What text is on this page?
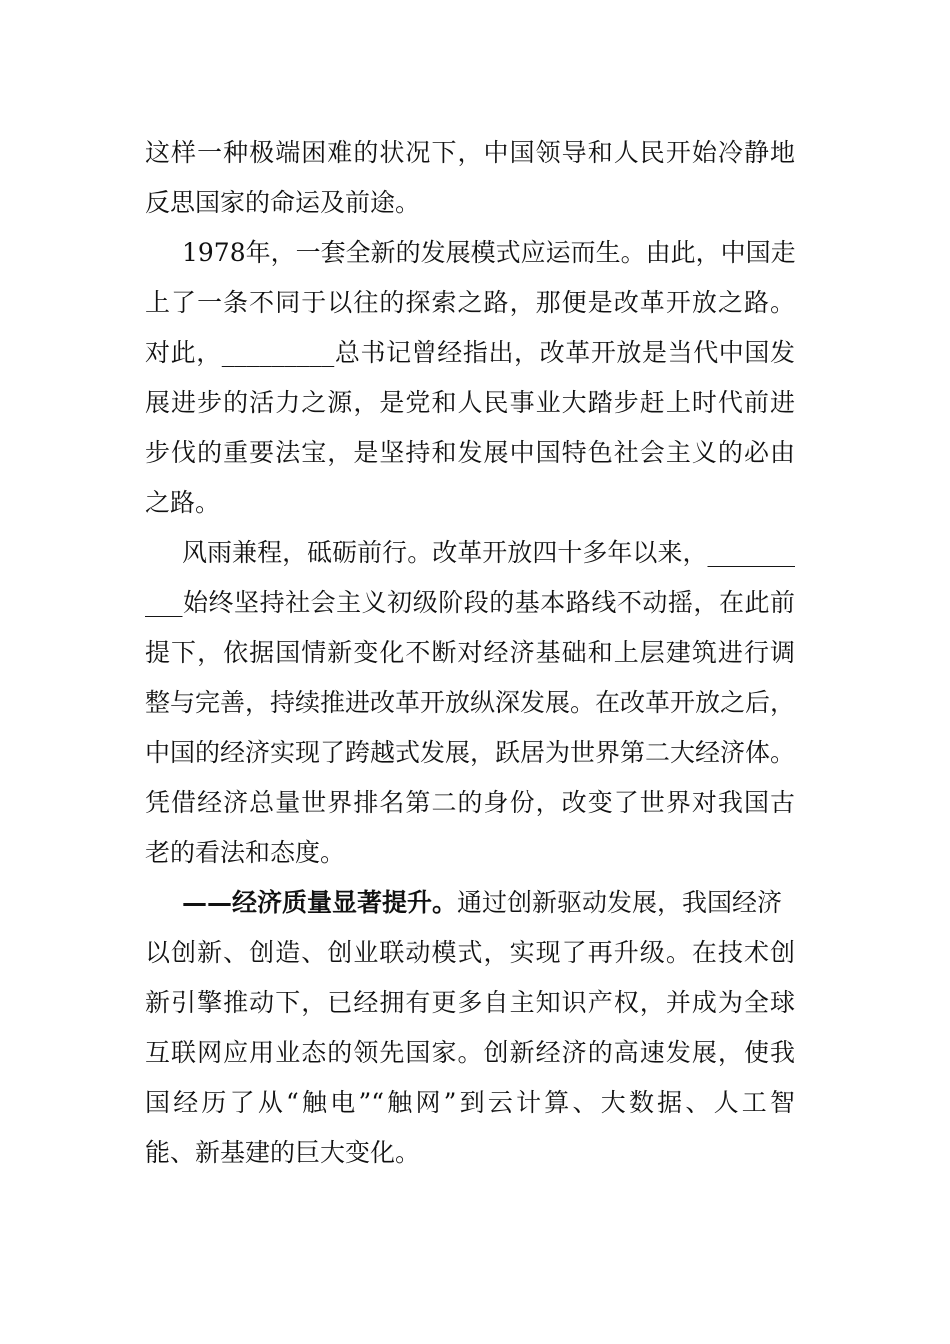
这样一种极端困难的状况下，中国领导和人民开始冷静地
反思国家的命运及前途。
1978年，一套全新的发展模式应运而生。由此，中国走
上了一条不同于以往的探索之路，那便是改革开放之路。
对此，_________总书记曾经指出，改革开放是当代中国发
展进步的活力之源，是党和人民事业大踏步赶上时代前进
步伐的重要法宝，是坚持和发展中国特色社会主义的必由
之路。
风雨兼程，砥砺前行。改革开放四十多年以来，_______
___始终坚持社会主义初级阶段的基本路线不动摇，在此前
提下，依据国情新变化不断对经济基础和上层建筑进行调
整与完善，持续推进改革开放纵深发展。在改革开放之后，
中国的经济实现了跨越式发展，跃居为世界第二大经济体。
凭借经济总量世界排名第二的身份，改变了世界对我国古
老的看法和态度。
——经济质量显著提升。通过创新驱动发展，我国经济
以创新、创造、创业联动模式，实现了再升级。在技术创
新引擎推动下，已经拥有更多自主知识产权，并成为全球
互联网应用业态的领先国家。创新经济的高速发展，使我
国经历了从“触电”“触网”到云计算、大数据、人工智
能、新基建的巨大变化。
